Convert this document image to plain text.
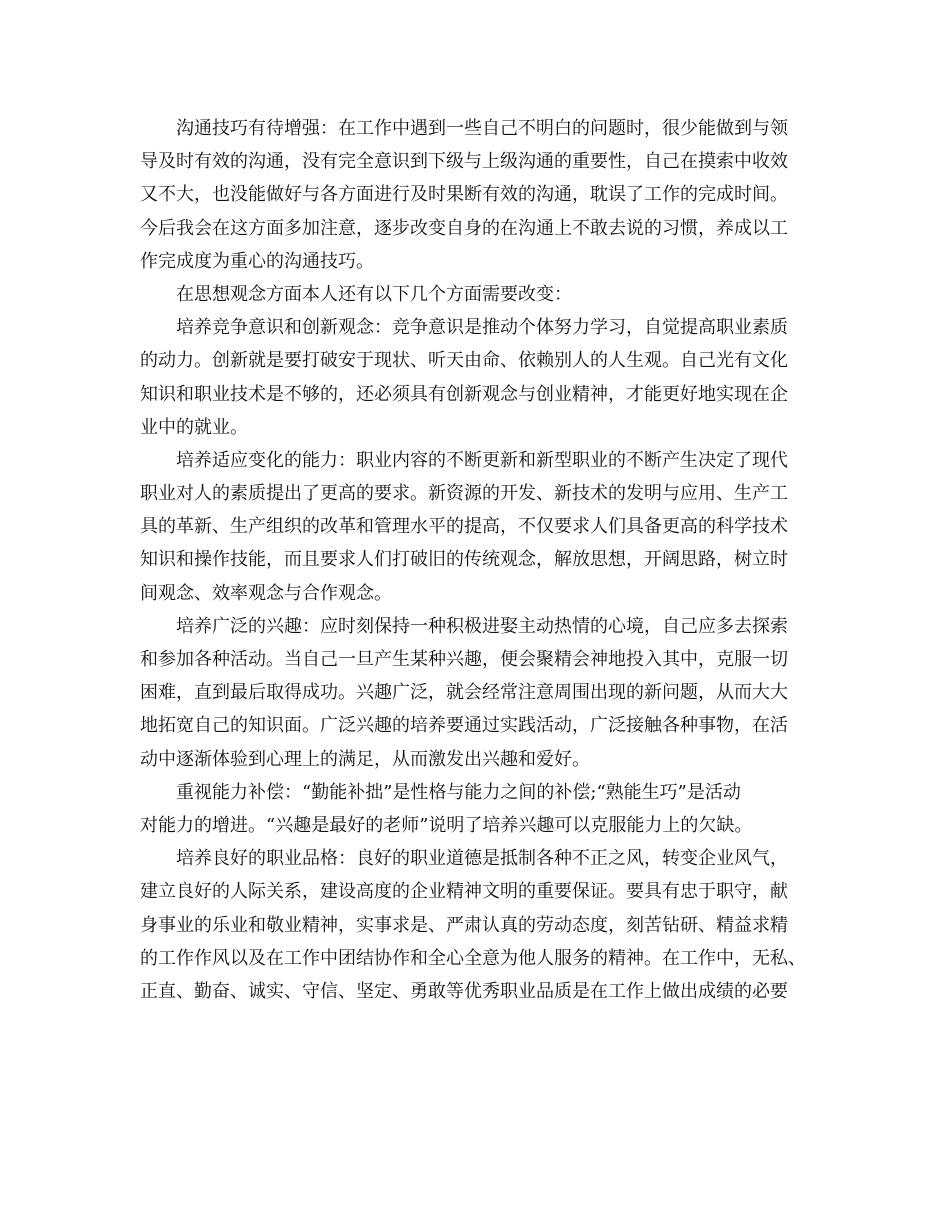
　　沟通技巧有待增强：在工作中遇到一些自己不明白的问题时，很少能做到与领
导及时有效的沟通，没有完全意识到下级与上级沟通的重要性，自己在摸索中收效
又不大，也没能做好与各方面进行及时果断有效的沟通，耽误了工作的完成时间。
今后我会在这方面多加注意，逐步改变自身的在沟通上不敢去说的习惯，养成以工
作完成度为重心的沟通技巧。

　　在思想观念方面本人还有以下几个方面需要改变：

　　培养竞争意识和创新观念：竞争意识是推动个体努力学习，自觉提高职业素质
的动力。创新就是要打破安于现状、听天由命、依赖别人的人生观。自己光有文化
知识和职业技术是不够的，还必须具有创新观念与创业精神，才能更好地实现在企
业中的就业。

　　培养适应变化的能力：职业内容的不断更新和新型职业的不断产生决定了现代
职业对人的素质提出了更高的要求。新资源的开发、新技术的发明与应用、生产工
具的革新、生产组织的改革和管理水平的提高，不仅要求人们具备更高的科学技术
知识和操作技能，而且要求人们打破旧的传统观念，解放思想，开阔思路，树立时
间观念、效率观念与合作观念。

　　培养广泛的兴趣：应时刻保持一种积极进娶主动热情的心境，自己应多去探索
和参加各种活动。当自己一旦产生某种兴趣，便会聚精会神地投入其中，克服一切
困难，直到最后取得成功。兴趣广泛，就会经常注意周围出现的新问题，从而大大
地拓宽自己的知识面。广泛兴趣的培养要通过实践活动，广泛接触各种事物，在活
动中逐渐体验到心理上的满足，从而激发出兴趣和爱好。

　　重视能力补偿：“勤能补拙”是性格与能力之间的补偿;“熟能生巧”是活动
对能力的增进。“兴趣是最好的老师”说明了培养兴趣可以克服能力上的欠缺。

　　培养良好的职业品格：良好的职业道德是抵制各种不正之风，转变企业风气，
建立良好的人际关系，建设高度的企业精神文明的重要保证。要具有忠于职守，献
身事业的乐业和敬业精神，实事求是、严肃认真的劳动态度，刻苦钻研、精益求精
的工作作风以及在工作中团结协作和全心全意为他人服务的精神。在工作中，无私、
正直、勤奋、诚实、守信、坚定、勇敢等优秀职业品质是在工作上做出成绩的必要
